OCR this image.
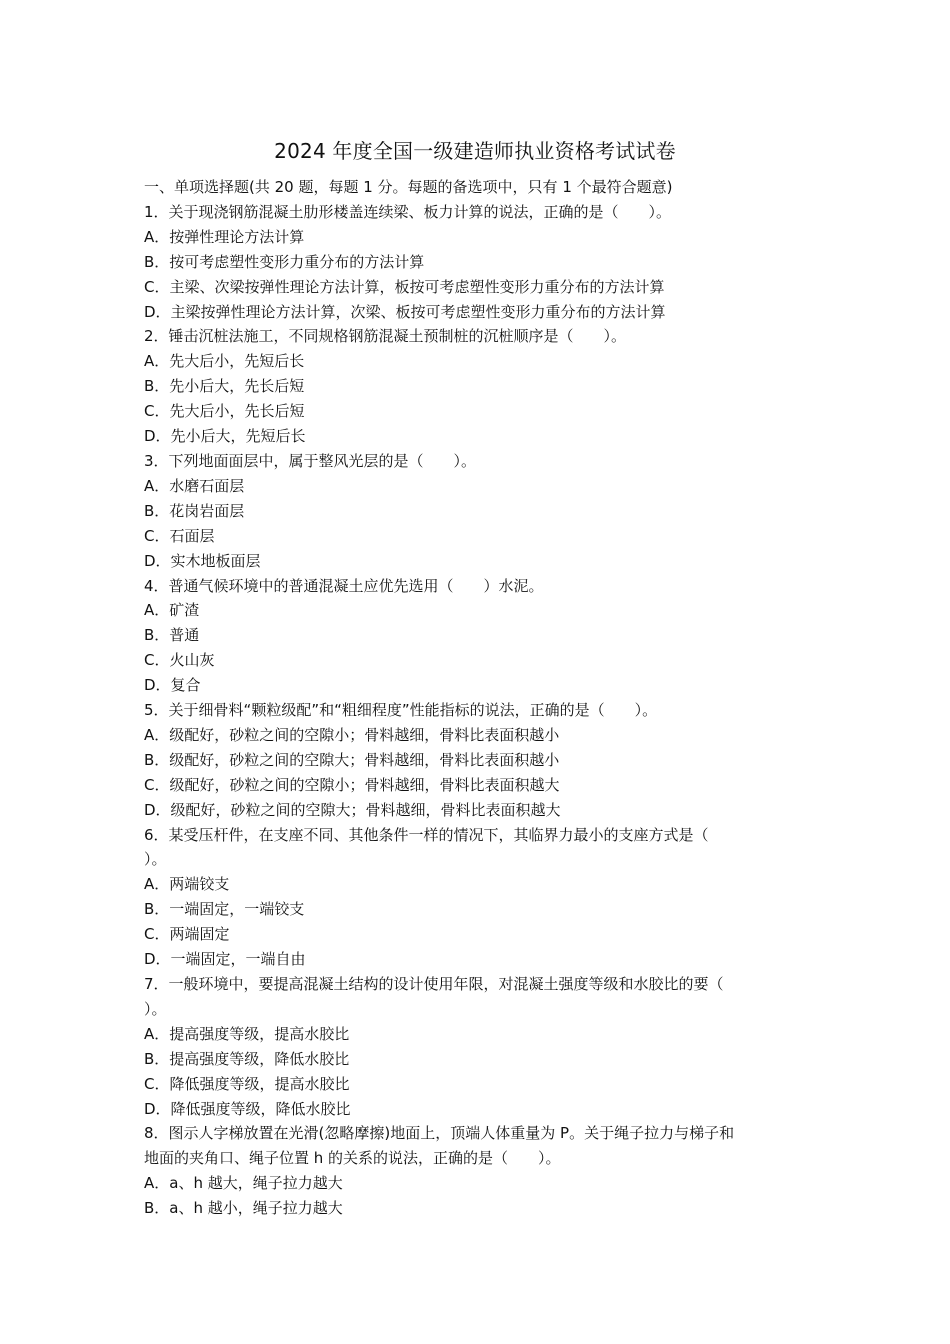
2024 年度全国一级建造师执业资格考试试卷
一、单项选择题(共 20 题，每题 1 分。每题的备选项中，只有 1 个最符合题意)
1．关于现浇钢筋混凝土肋形楼盖连续梁、板力计算的说法，正确的是（　　）。
A．按弹性理论方法计算
B．按可考虑塑性变形力重分布的方法计算
C．主梁、次梁按弹性理论方法计算，板按可考虑塑性变形力重分布的方法计算
D．主梁按弹性理论方法计算，次梁、板按可考虑塑性变形力重分布的方法计算
2．锤击沉桩法施工，不同规格钢筋混凝土预制桩的沉桩顺序是（　　）。
A．先大后小，先短后长
B．先小后大，先长后短
C．先大后小，先长后短
D．先小后大，先短后长
3．下列地面面层中，属于整风光层的是（　　）。
A．水磨石面层
B．花岗岩面层
C．石面层
D．实木地板面层
4．普通气候环境中的普通混凝土应优先选用（　　）水泥。
A．矿渣
B．普通
C．火山灰
D．复合
5．关于细骨料“颗粒级配”和“粗细程度”性能指标的说法，正确的是（　　）。
A．级配好，砂粒之间的空隙小；骨料越细，骨料比表面积越小
B．级配好，砂粒之间的空隙大；骨料越细，骨料比表面积越小
C．级配好，砂粒之间的空隙小；骨料越细，骨料比表面积越大
D．级配好，砂粒之间的空隙大；骨料越细，骨料比表面积越大
6．某受压杆件，在支座不同、其他条件一样的情况下，其临界力最小的支座方式是（
）。
A．两端铰支
B．一端固定，一端铰支
C．两端固定
D．一端固定，一端自由
7．一般环境中，要提高混凝土结构的设计使用年限，对混凝土强度等级和水胶比的要（
）。
A．提高强度等级，提高水胶比
B．提高强度等级，降低水胶比
C．降低强度等级，提高水胶比
D．降低强度等级，降低水胶比
8．图示人字梯放置在光滑(忽略摩擦)地面上，顶端人体重量为 P。关于绳子拉力与梯子和
地面的夹角口、绳子位置 h 的关系的说法，正确的是（　　）。
A．a、h 越大，绳子拉力越大
B．a、h 越小，绳子拉力越大
